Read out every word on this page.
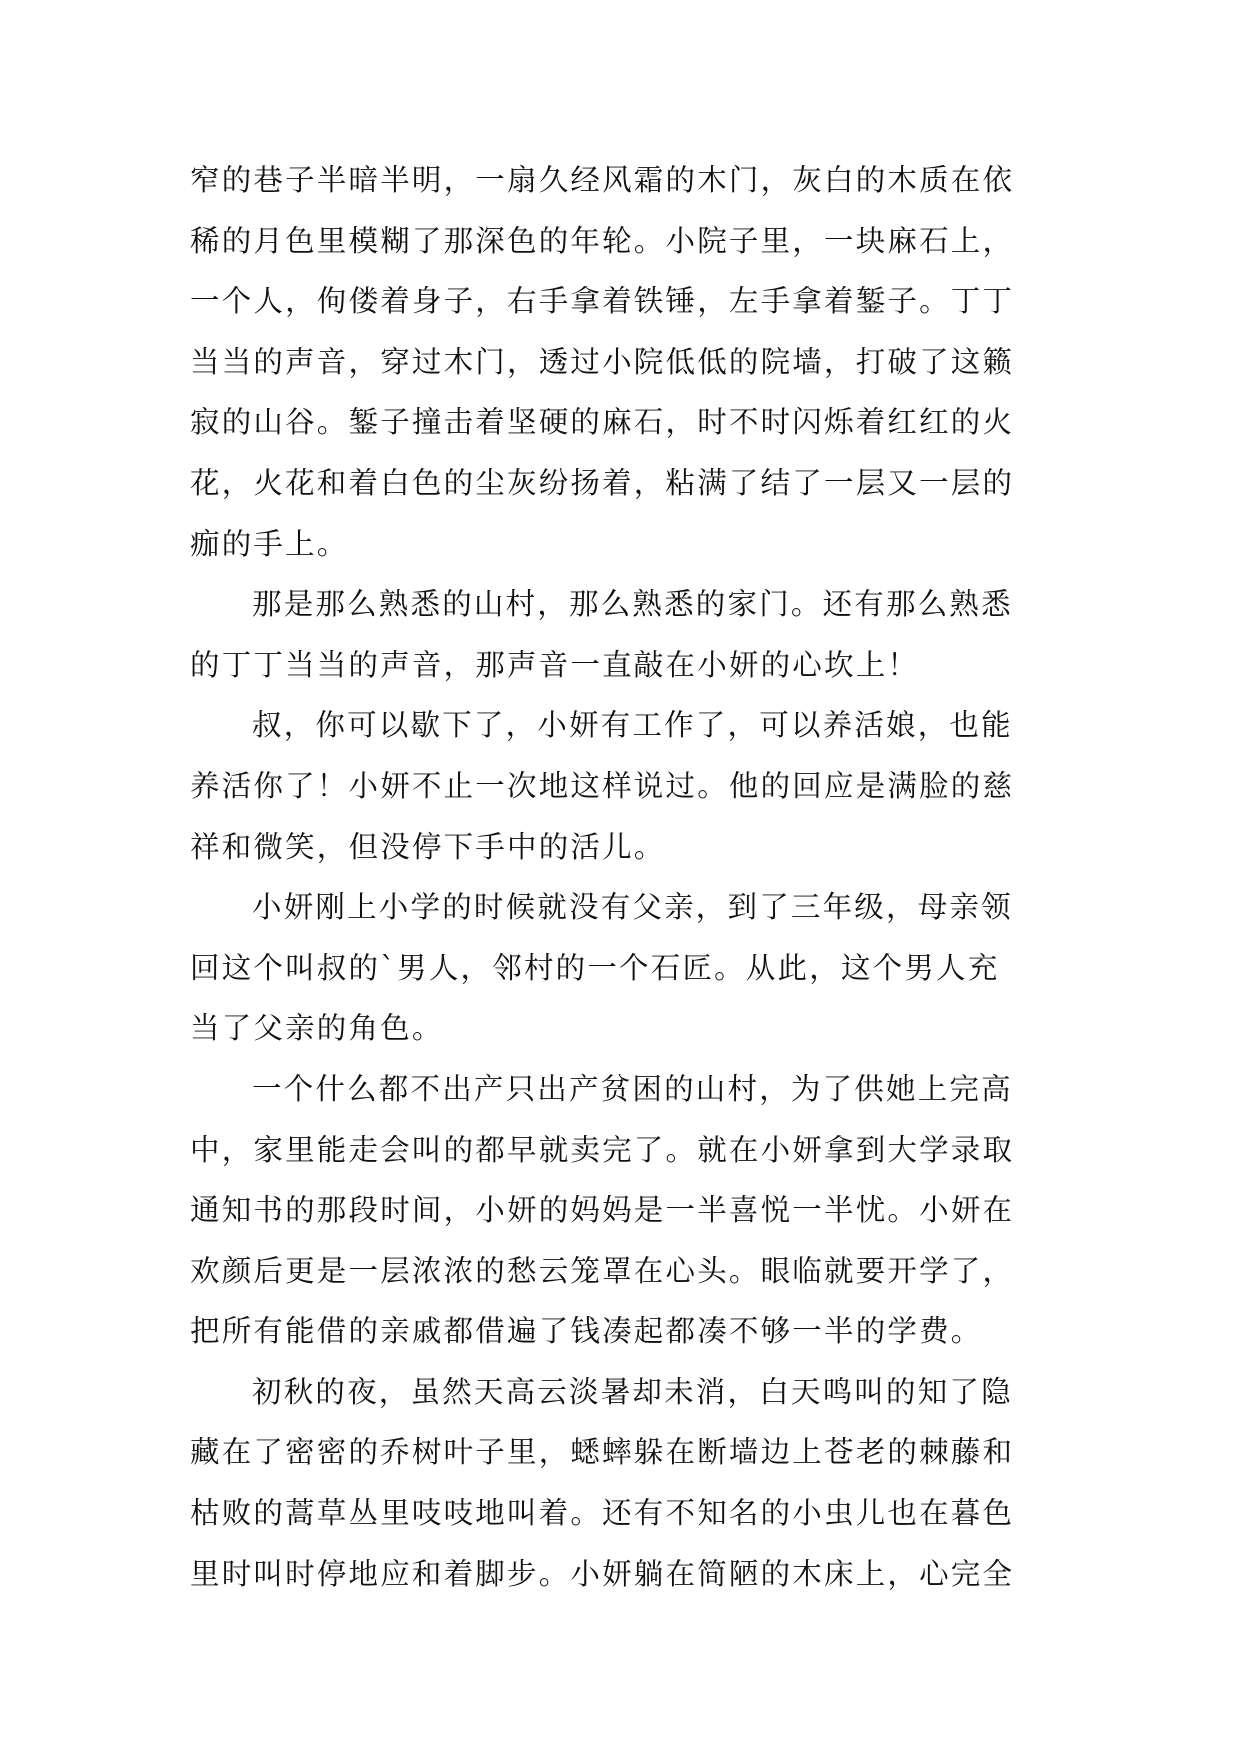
窄的巷子半暗半明，一扇久经风霜的木门，灰白的木质在依
稀的月色里模糊了那深色的年轮。小院子里，一块麻石上，
一个人，佝偻着身子，右手拿着铁锤，左手拿着錾子。丁丁
当当的声音，穿过木门，透过小院低低的院墙，打破了这籁
寂的山谷。錾子撞击着坚硬的麻石，时不时闪烁着红红的火
花，火花和着白色的尘灰纷扬着，粘满了结了一层又一层的
痂的手上。
那是那么熟悉的山村，那么熟悉的家门。还有那么熟悉
的丁丁当当的声音，那声音一直敲在小妍的心坎上！
叔，你可以歇下了，小妍有工作了，可以养活娘，也能
养活你了！小妍不止一次地这样说过。他的回应是满脸的慈
祥和微笑，但没停下手中的活儿。
小妍刚上小学的时候就没有父亲，到了三年级，母亲领
回这个叫叔的`男人，邻村的一个石匠。从此，这个男人充
当了父亲的角色。
一个什么都不出产只出产贫困的山村，为了供她上完高
中，家里能走会叫的都早就卖完了。就在小妍拿到大学录取
通知书的那段时间，小妍的妈妈是一半喜悦一半忧。小妍在
欢颜后更是一层浓浓的愁云笼罩在心头。眼临就要开学了，
把所有能借的亲戚都借遍了钱凑起都凑不够一半的学费。
初秋的夜，虽然天高云淡暑却未消，白天鸣叫的知了隐
藏在了密密的乔树叶子里，蟋蟀躲在断墙边上苍老的棘藤和
枯败的蒿草丛里吱吱地叫着。还有不知名的小虫儿也在暮色
里时叫时停地应和着脚步。小妍躺在简陋的木床上，心完全
